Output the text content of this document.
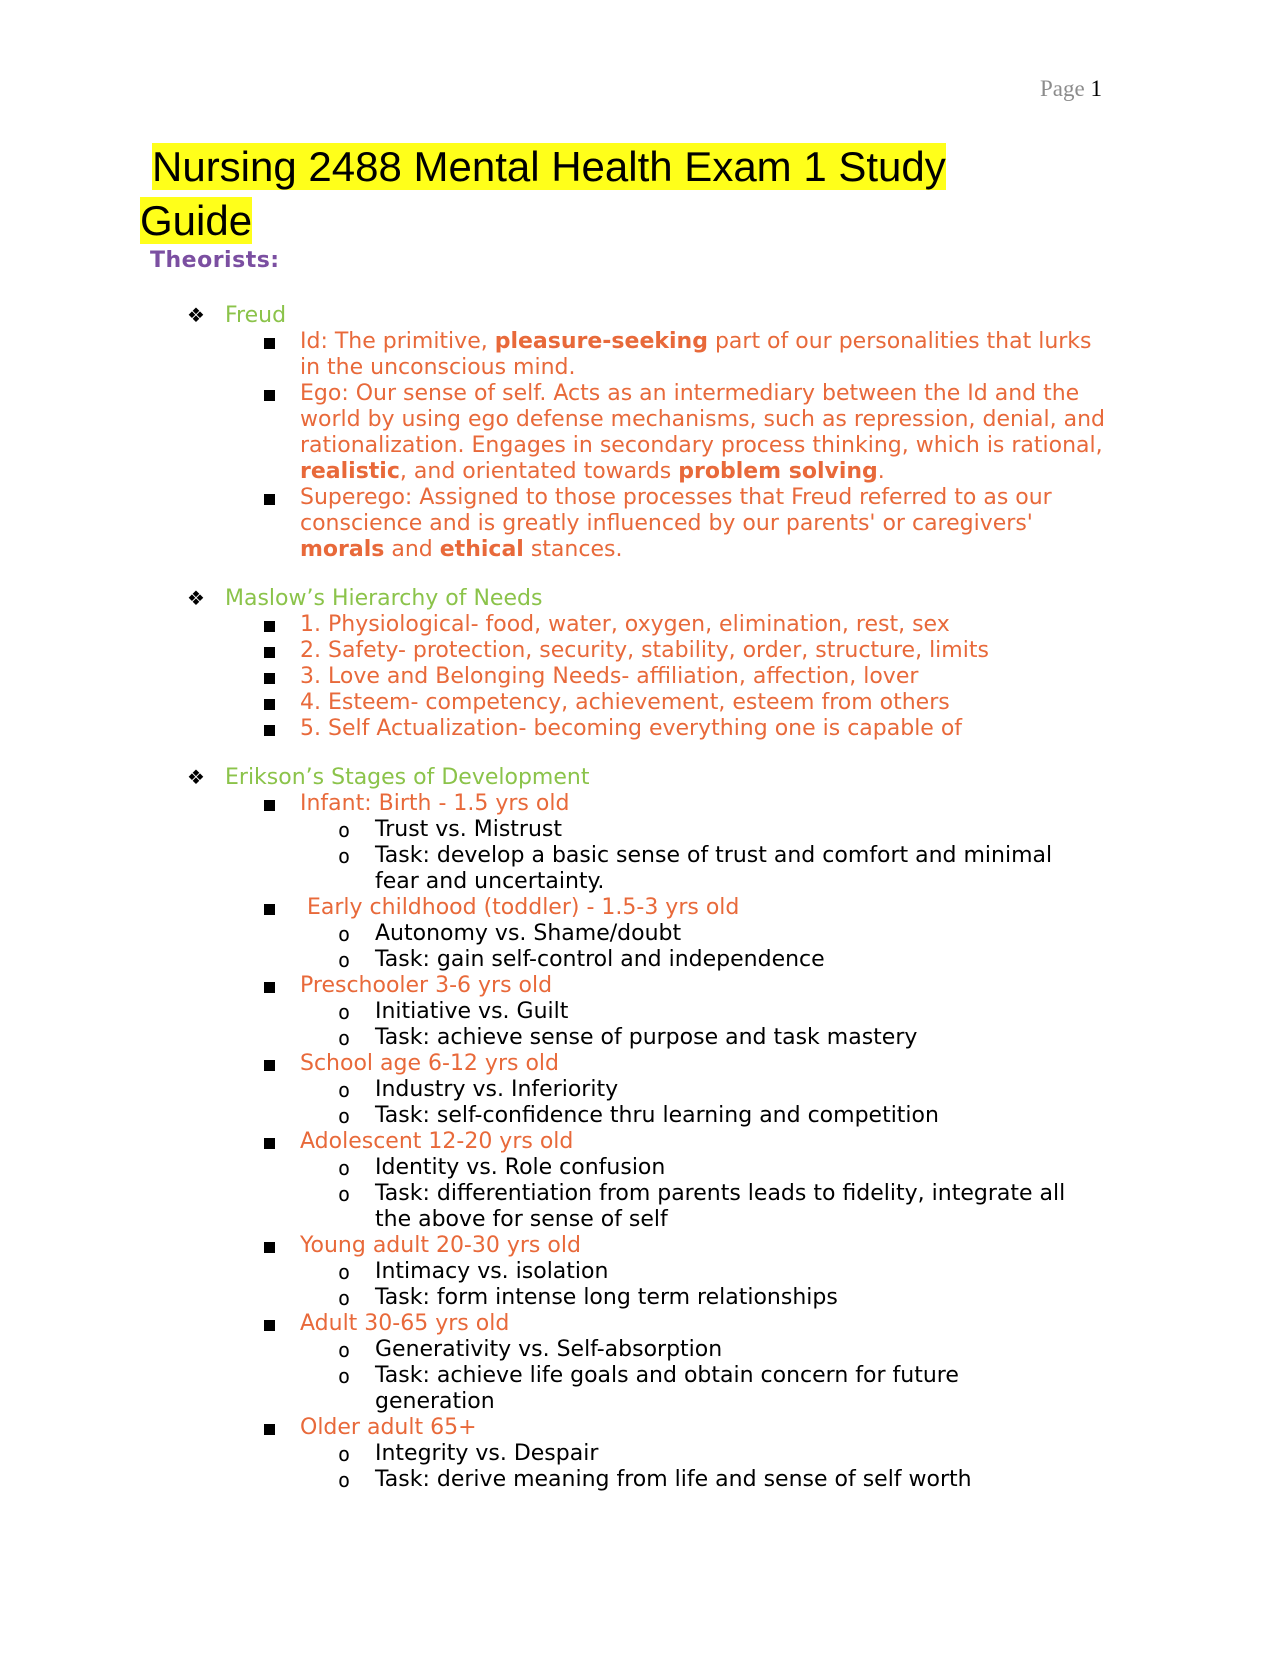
Page 1
Nursing 2488 Mental Health Exam 1 Study
Guide
Theorists:
❖ Freud
Id: The primitive, pleasure-seeking part of our personalities that lurks in the unconscious mind.
Ego: Our sense of self. Acts as an intermediary between the Id and the world by using ego defense mechanisms, such as repression, denial, and rationalization. Engages in secondary process thinking, which is rational, realistic, and orientated towards problem solving.
Superego: Assigned to those processes that Freud referred to as our conscience and is greatly influenced by our parents' or caregivers' morals and ethical stances.
❖ Maslow’s Hierarchy of Needs
1. Physiological- food, water, oxygen, elimination, rest, sex
2. Safety- protection, security, stability, order, structure, limits
3. Love and Belonging Needs- affiliation, affection, lover
4. Esteem- competency, achievement, esteem from others
5. Self Actualization- becoming everything one is capable of
❖ Erikson’s Stages of Development
Infant: Birth - 1.5 yrs old
o Trust vs. Mistrust
o Task: develop a basic sense of trust and comfort and minimal fear and uncertainty.
Early childhood (toddler) - 1.5-3 yrs old
o Autonomy vs. Shame/doubt
o Task: gain self-control and independence
Preschooler 3-6 yrs old
o Initiative vs. Guilt
o Task: achieve sense of purpose and task mastery
School age 6-12 yrs old
o Industry vs. Inferiority
o Task: self-confidence thru learning and competition
Adolescent 12-20 yrs old
o Identity vs. Role confusion
o Task: differentiation from parents leads to fidelity, integrate all the above for sense of self
Young adult 20-30 yrs old
o Intimacy vs. isolation
o Task: form intense long term relationships
Adult 30-65 yrs old
o Generativity vs. Self-absorption
o Task: achieve life goals and obtain concern for future generation
Older adult 65+
o Integrity vs. Despair
o Task: derive meaning from life and sense of self worth
